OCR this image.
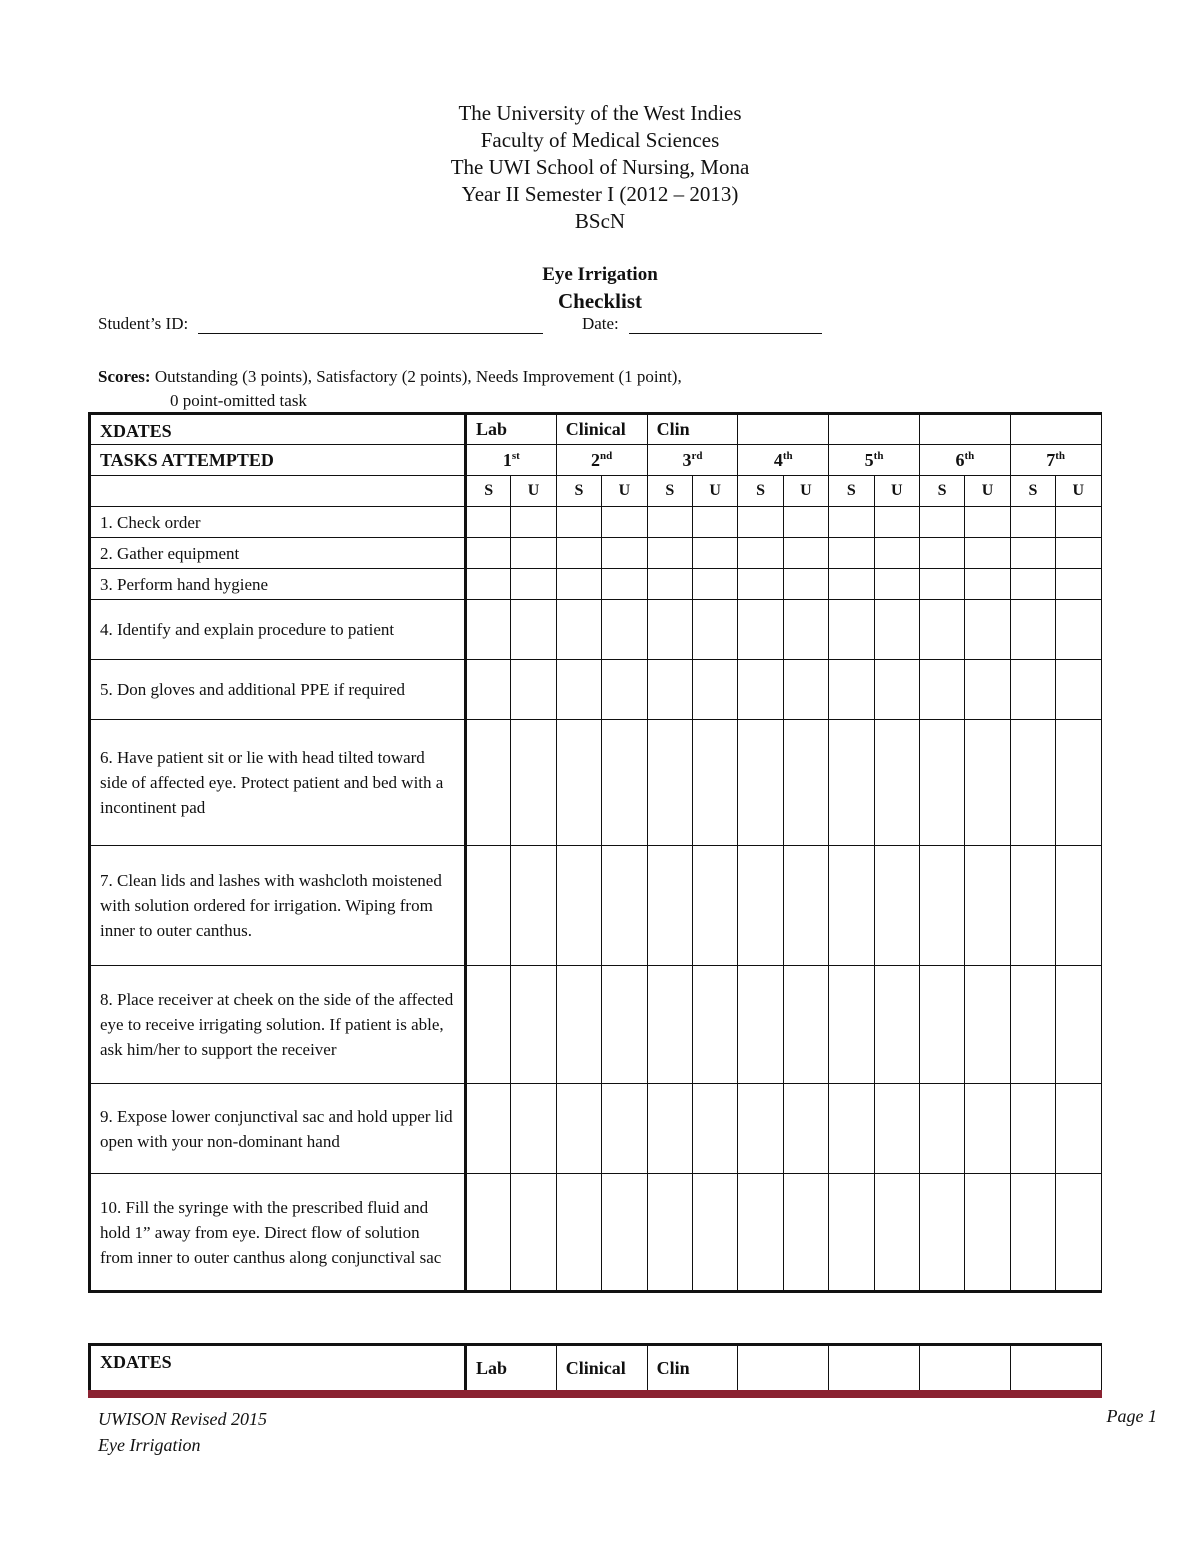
The University of the West Indies
Faculty of Medical Sciences
The UWI School of Nursing, Mona
Year II Semester I (2012 – 2013)
BScN
Eye Irrigation
Checklist
Student’s ID:	Date:
Scores: Outstanding (3 points), Satisfactory (2 points), Needs Improvement (1 point),
0 point-omitted task
XDATES	Lab		Clinical		Clin									
TASKS ATTEMPTED	1st		2nd		3rd		4th		5th		6th		7th
	S	U	S	U	S	U	S	U	S	U	S	U	S	U
1. Check order														
2. Gather equipment														
3. Perform hand hygiene														
4. Identify and explain procedure to patient														
5. Don gloves and additional PPE if required														
6. Have patient sit or lie with head tilted toward side of affected eye. Protect patient and bed with a incontinent pad														
7. Clean lids and lashes with washcloth moistened with solution ordered for irrigation. Wiping from inner to outer canthus.														
8. Place receiver at cheek on the side of the affected eye to receive irrigating solution. If patient is able, ask him/her to support the receiver														
9. Expose lower conjunctival sac and hold upper lid open with your non-dominant hand														
10. Fill the syringe with the prescribed fluid and hold 1” away from eye. Direct flow of solution from inner to outer canthus along conjunctival sac														
XDATES	Lab	Clinical	Clin				
UWISON Revised 2015
Eye Irrigation
Page 1
